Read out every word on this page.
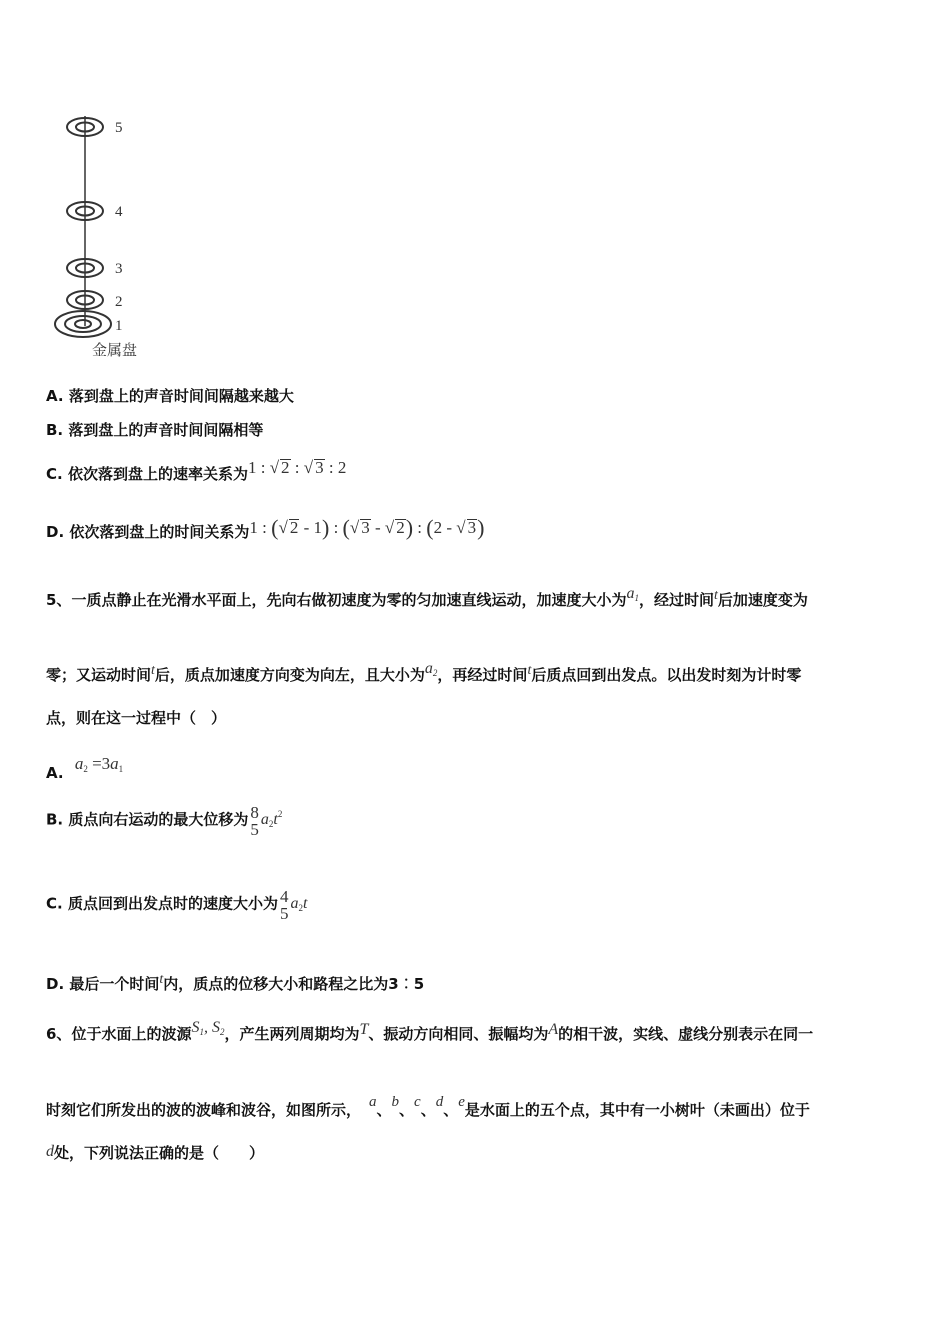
5
4
3
2
1
金属盘
A. 落到盘上的声音时间间隔越来越大
B. 落到盘上的声音时间间隔相等
C. 依次落到盘上的速率关系为1 : √ 2 : √ 3 : 2
D. 依次落到盘上的时间关系为1 : (√ 2 - 1) : (√ 3 - √ 2) : (2 - √ 3)
5、一质点静止在光滑水平面上，先向右做初速度为零的匀加速直线运动，加速度大小为$a_1$，经过时间t后加速度变为
零；又运动时间t后，质点加速度方向变为向左，且大小为$a_2$，再经过时间t后质点回到出发点。以出发时刻为计时零
点，则在这一过程中（　）
A. $a_2 =3a_1$
B. 质点向右运动的最大位移为 8
5
$a_2t^2$
C. 质点回到出发点时的速度大小为 4
5
$a_2t$
D. 最后一个时间t内，质点的位移大小和路程之比为3︰5
6、位于水面上的波源$S_1$, $S_2$，产生两列周期均为T、振动方向相同、振幅均为A的相干波，实线、虚线分别表示在同一
时刻它们所发出的波的波峰和波谷，如图所示， a、b、c、d、e是水面上的五个点，其中有一小树叶（未画出）位于
d处，下列说法正确的是（　　）
